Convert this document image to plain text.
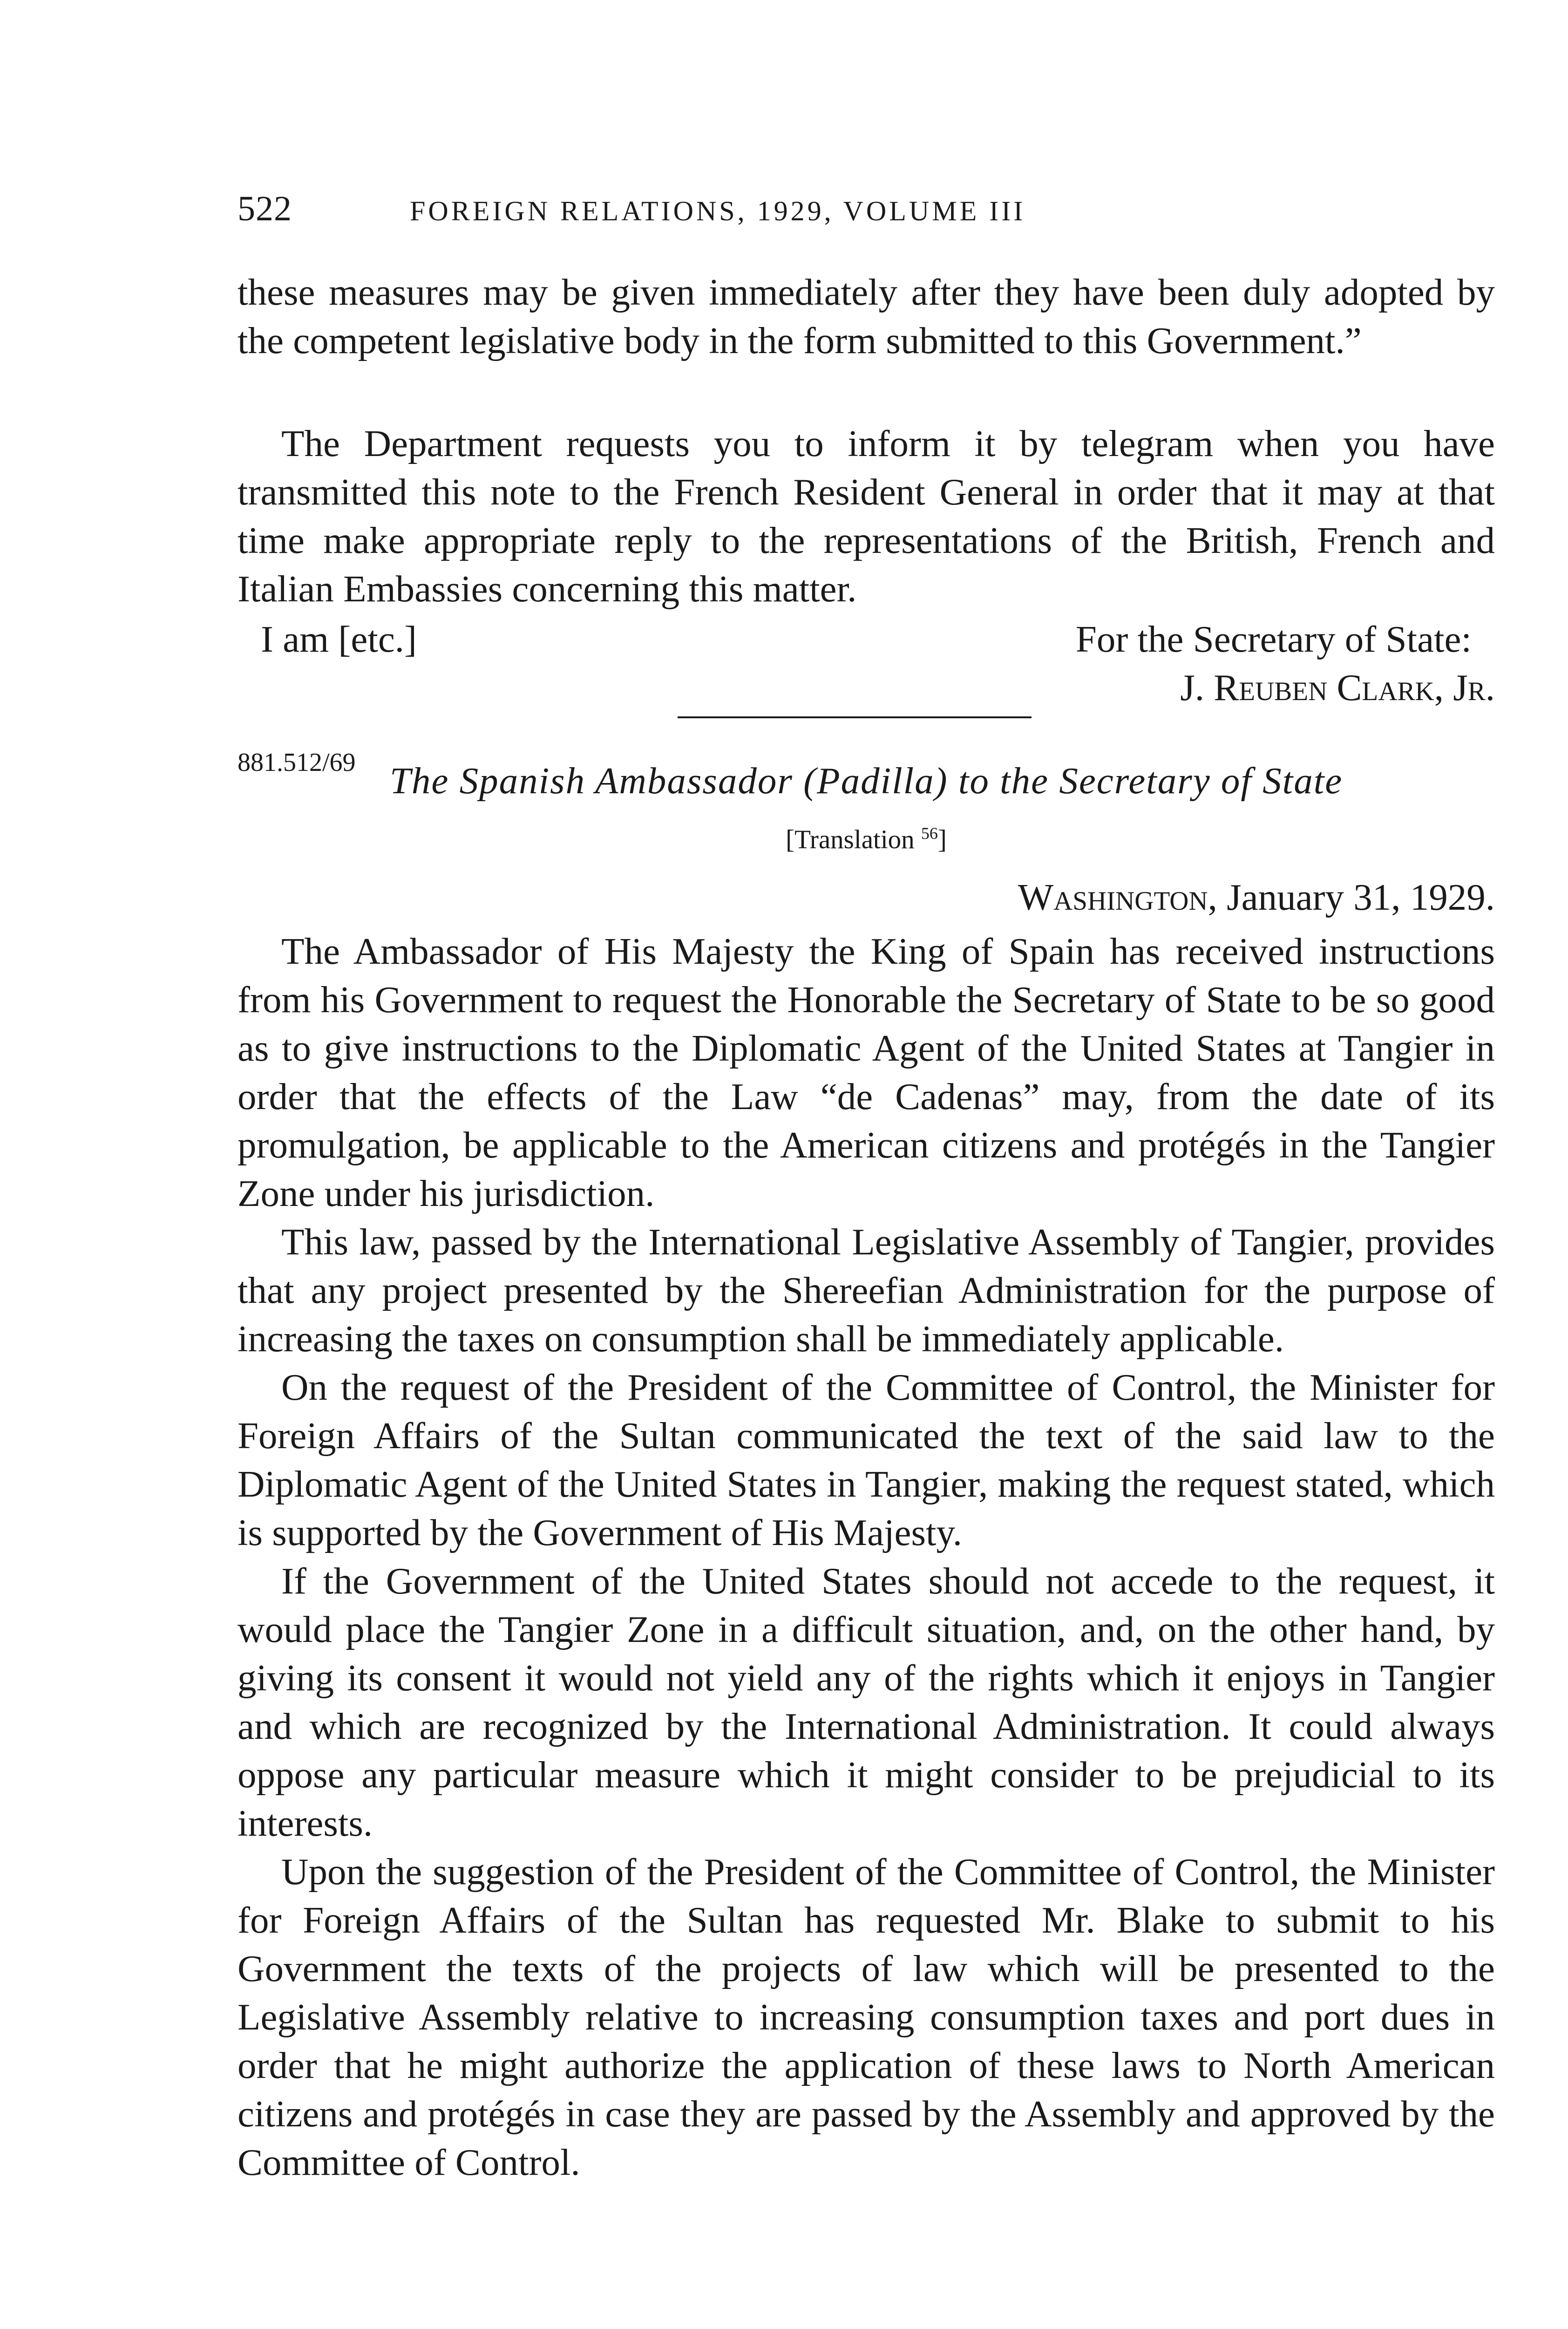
522	FOREIGN RELATIONS, 1929, VOLUME III

these measures may be given immediately after they have been duly adopted by the competent legislative body in the form submitted to this Government.”

The Department requests you to inform it by telegram when you have transmitted this note to the French Resident General in order that it may at that time make appropriate reply to the representations of the British, French and Italian Embassies concerning this matter.

I am [etc.]	For the Secretary of State:
J. Reuben Clark, Jr.
881.512/69 The Spanish Ambassador (Padilla) to the Secretary of State
[Translation $^{56}$]
Washington, January 31, 1929.

The Ambassador of His Majesty the King of Spain has received instructions from his Government to request the Honorable the Secretary of State to be so good as to give instructions to the Diplomatic Agent of the United States at Tangier in order that the effects of the Law “de Cadenas” may, from the date of its promulgation, be applicable to the American citizens and protégés in the Tangier Zone under his jurisdiction.

This law, passed by the International Legislative Assembly of Tangier, provides that any project presented by the Shereefian Administration for the purpose of increasing the taxes on consumption shall be immediately applicable.

On the request of the President of the Committee of Control, the Minister for Foreign Affairs of the Sultan communicated the text of the said law to the Diplomatic Agent of the United States in Tangier, making the request stated, which is supported by the Government of His Majesty.

If the Government of the United States should not accede to the request, it would place the Tangier Zone in a difficult situation, and, on the other hand, by giving its consent it would not yield any of the rights which it enjoys in Tangier and which are recognized by the International Administration. It could always oppose any particular measure which it might consider to be prejudicial to its interests.

Upon the suggestion of the President of the Committee of Control, the Minister for Foreign Affairs of the Sultan has requested Mr. Blake to submit to his Government the texts of the projects of law which will be presented to the Legislative Assembly relative to increasing consumption taxes and port dues in order that he might authorize the application of these laws to North American citizens and protégés in case they are passed by the Assembly and approved by the Committee of Control.
